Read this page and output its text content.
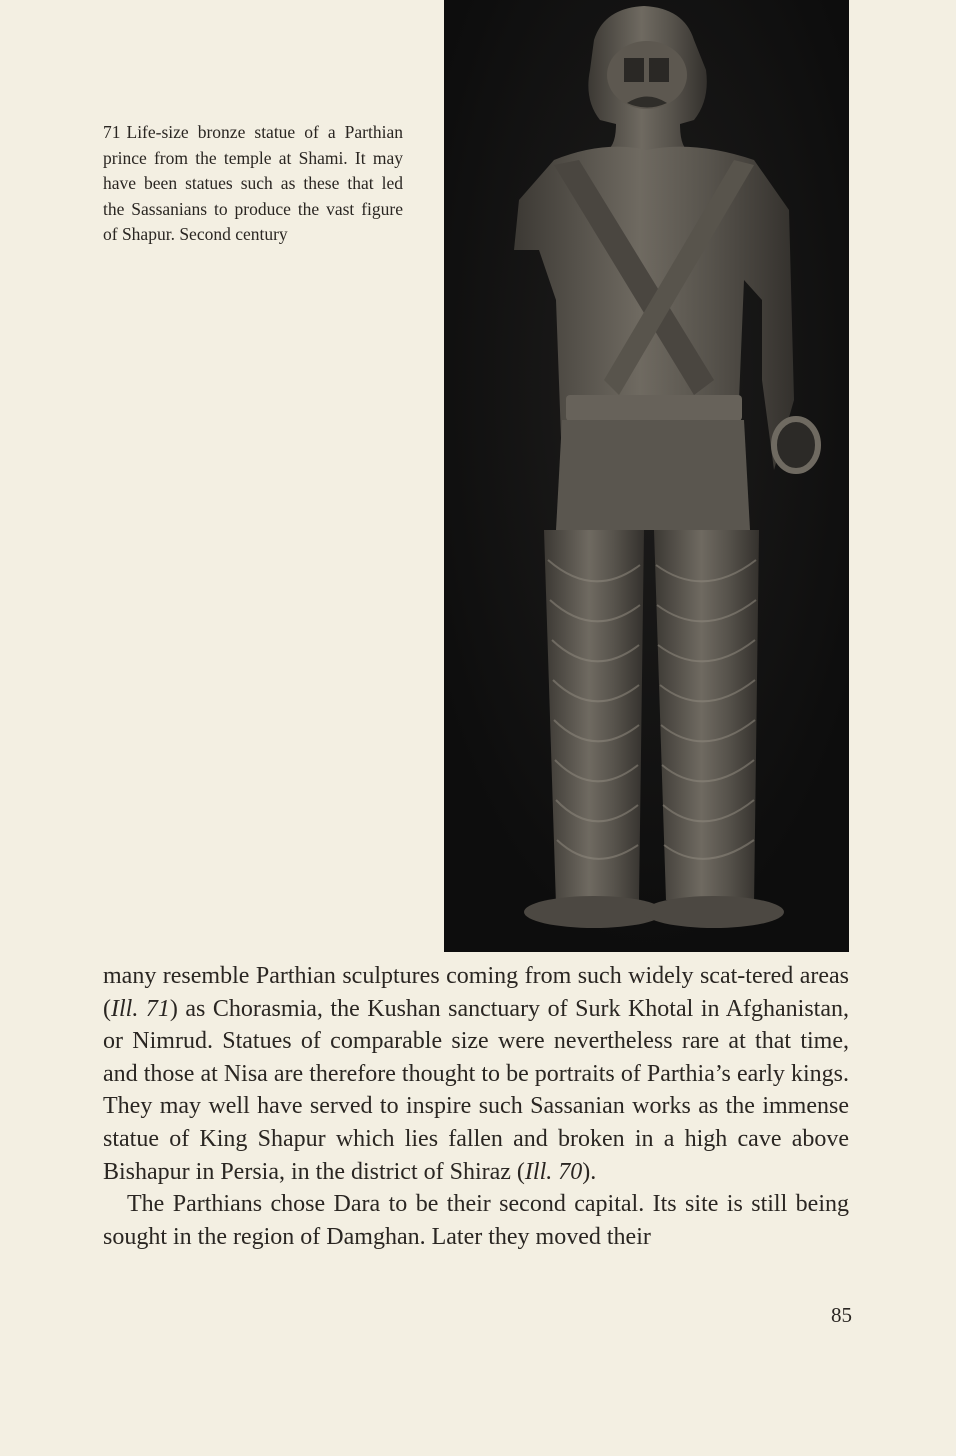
71 Life-size bronze statue of a Parthian prince from the temple at Shami. It may have been statues such as these that led the Sassanians to produce the vast figure of Shapur. Second century

many resemble Parthian sculptures coming from such widely scat-tered areas (Ill. 71) as Chorasmia, the Kushan sanctuary of Surk Khotal in Afghanistan, or Nimrud. Statues of comparable size were nevertheless rare at that time, and those at Nisa are therefore thought to be portraits of Parthia’s early kings. They may well have served to inspire such Sassanian works as the immense statue of King Shapur which lies fallen and broken in a high cave above Bishapur in Persia, in the district of Shiraz (Ill. 70).

The Parthians chose Dara to be their second capital. Its site is still being sought in the region of Damghan. Later they moved their

85
